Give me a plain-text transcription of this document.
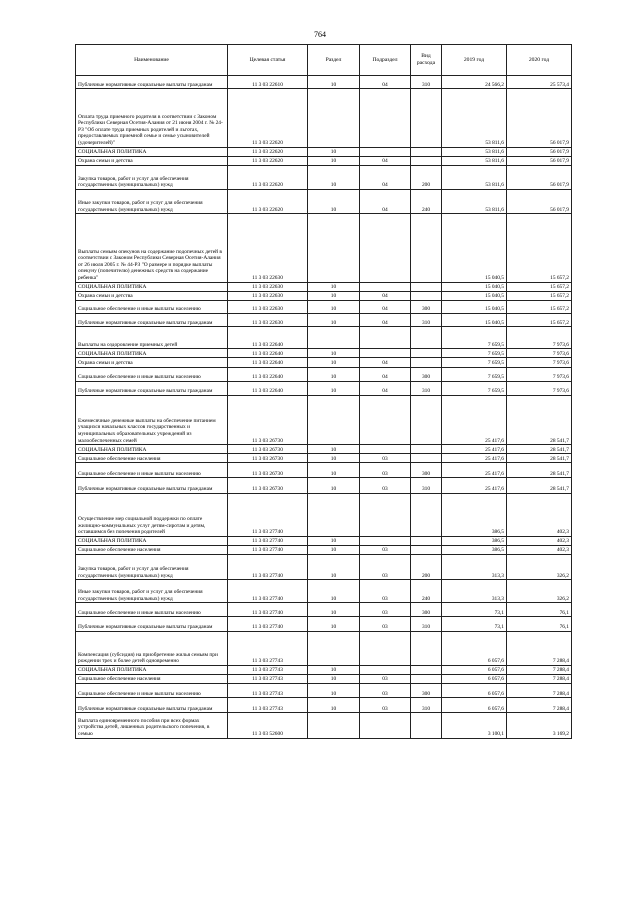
764
Наименование	Целевая статья	Раздел	Подраздел	Вид расхода	2019 год	2020 год
Публичные нормативные социальные выплаты гражданам	11 3 03 22610	10	04	310	24 566,2	25 573,4
Оплата труда приемного родителя в соответствии с Законом Республики Северная Осетия-Алания от 21 июня 2004 г. № 24-РЗ "Об оплате труда приемных родителей и льготах, предоставляемых приемной семье и семье усыновителей (удочерителей)"	11 3 03 22620				53 811,6	56 017,9
СОЦИАЛЬНАЯ ПОЛИТИКА	11 3 03 22620	10			53 811,6	56 017,9
Охрана семьи и детства	11 3 03 22620	10	04		53 811,6	56 017,9
Закупка товаров, работ и услуг для обеспечения государственных (муниципальных) нужд	11 3 03 22620	10	04	200	53 811,6	56 017,9
Иные закупки товаров, работ и услуг для обеспечения государственных (муниципальных) нужд	11 3 03 22620	10	04	240	53 811,6	56 017,9
Выплаты семьям опекунов на содержание подопечных детей в соответствии с Законом Республики Северная Осетия-Алания от 26 июля 2005 г. № 44-РЗ "О размере и порядке выплаты опекуну (попечителю) денежных средств на содержание ребенка"	11 3 03 22630				15 040,5	15 657,2
СОЦИАЛЬНАЯ ПОЛИТИКА	11 3 03 22630	10			15 040,5	15 657,2
Охрана семьи и детства	11 3 03 22630	10	04		15 040,5	15 657,2
Социальное обеспечение и иные выплаты населению	11 3 03 22630	10	04	300	15 040,5	15 657,2
Публичные нормативные социальные выплаты гражданам	11 3 03 22630	10	04	310	15 040,5	15 657,2
Выплаты на оздоровление приемных детей	11 3 03 22640				7 659,5	7 973,6
СОЦИАЛЬНАЯ ПОЛИТИКА	11 3 03 22640	10			7 659,5	7 973,6
Охрана семьи и детства	11 3 03 22640	10	04		7 659,5	7 973,6
Социальное обеспечение и иные выплаты населению	11 3 03 22640	10	04	300	7 659,5	7 973,6
Публичные нормативные социальные выплаты гражданам	11 3 03 22640	10	04	310	7 659,5	7 973,6
Ежемесячные денежные выплаты на обеспечение питанием учащихся начальных классов государственных и муниципальных образовательных учреждений из малообеспеченных семей	11 3 03 26730				25 417,6	28 541,7
СОЦИАЛЬНАЯ ПОЛИТИКА	11 3 03 26730	10			25 417,6	28 541,7
Социальное обеспечение населения	11 3 03 26730	10	03		25 417,6	28 541,7
Социальное обеспечение и иные выплаты населению	11 3 03 26730	10	03	300	25 417,6	28 541,7
Публичные нормативные социальные выплаты гражданам	11 3 03 26730	10	03	310	25 417,6	28 541,7
Осуществление мер социальной поддержки по оплате жилищно-коммунальных услуг детям-сиротам и детям, оставшимся без попечения родителей	11 3 03 27740				386,5	402,3
СОЦИАЛЬНАЯ ПОЛИТИКА	11 3 03 27740	10			386,5	402,3
Социальное обеспечение населения	11 3 03 27740	10	03		386,5	402,3
Закупка товаров, работ и услуг для обеспечения государственных (муниципальных) нужд	11 3 03 27740	10	03	200	313,3	326,2
Иные закупки товаров, работ и услуг для обеспечения государственных (муниципальных) нужд	11 3 03 27740	10	03	240	313,3	326,2
Социальное обеспечение и иные выплаты населению	11 3 03 27740	10	03	300	73,1	76,1
Публичные нормативные социальные выплаты гражданам	11 3 03 27740	10	03	310	73,1	76,1
Компенсация (субсидия) на приобретение жилья семьям при рождении трех и более детей одновременно	11 3 03 27743				6 057,6	7 288,4
СОЦИАЛЬНАЯ ПОЛИТИКА	11 3 03 27743	10			6 057,6	7 288,4
Социальное обеспечение населения	11 3 03 27743	10	03		6 057,6	7 288,4
Социальное обеспечение и иные выплаты населению	11 3 03 27743	10	03	300	6 057,6	7 288,4
Публичные нормативные социальные выплаты гражданам	11 3 03 27743	10	03	310	6 057,6	7 288,4
Выплата единовременного пособия при всех формах устройства детей, лишенных родительского попечения, в семью	11 3 03 52600				3 100,1	3 169,2
